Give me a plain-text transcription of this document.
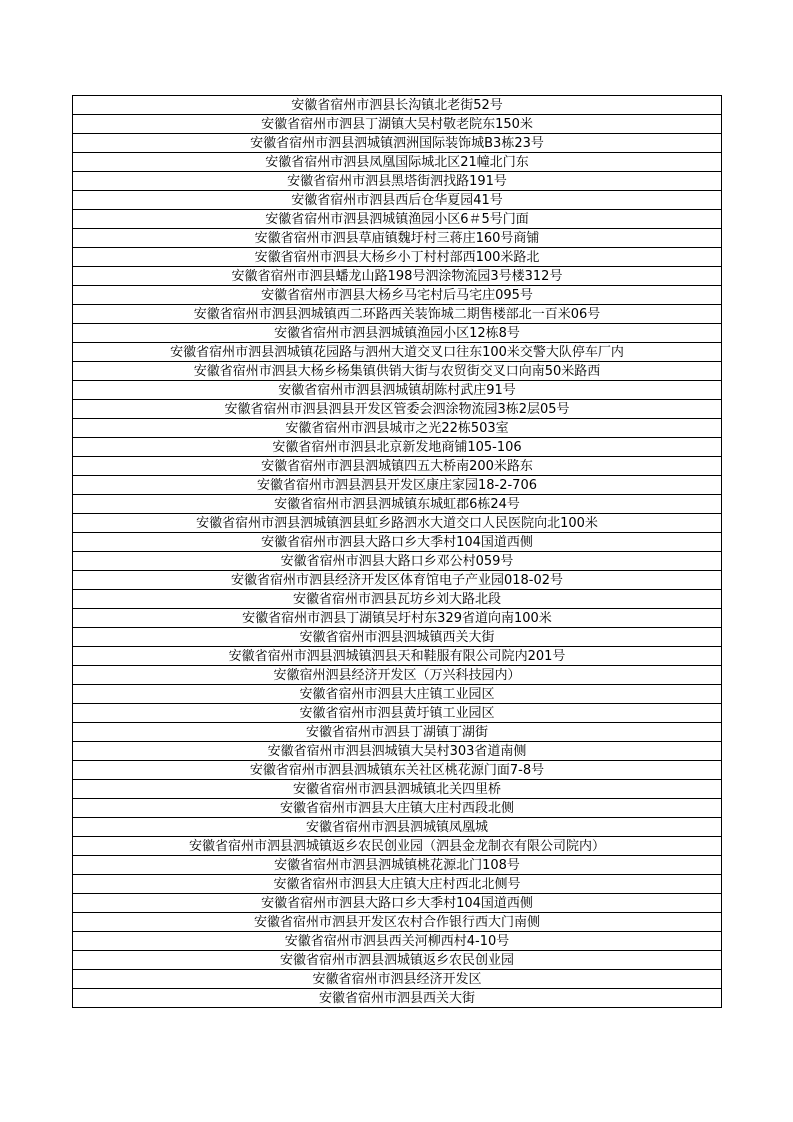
安徽省宿州市泗县长沟镇北老街52号
安徽省宿州市泗县丁湖镇大吴村敬老院东150米
安徽省宿州市泗县泗城镇泗洲国际装饰城B3栋23号
安徽省宿州市泗县凤凰国际城北区21幢北门东
安徽省宿州市泗县黑塔街泗找路191号
安徽省宿州市泗县西后仓华夏园41号
安徽省宿州市泗县泗城镇渔园小区6＃5号门面
安徽省宿州市泗县草庙镇魏圩村三蒋庄160号商铺
安徽省宿州市泗县大杨乡小丁村村部西100米路北
安徽省宿州市泗县蟠龙山路198号泗涂物流园3号楼312号
安徽省宿州市泗县大杨乡马宅村后马宅庄095号
安徽省宿州市泗县泗城镇西二环路西关装饰城二期售楼部北一百米06号
安徽省宿州市泗县泗城镇渔园小区12栋8号
安徽省宿州市泗县泗城镇花园路与泗州大道交叉口往东100米交警大队停车厂内
安徽省宿州市泗县大杨乡杨集镇供销大街与农贸街交叉口向南50米路西
安徽省宿州市泗县泗城镇胡陈村武庄91号
安徽省宿州市泗县泗县开发区管委会泗涂物流园3栋2层05号
安徽省宿州市泗县城市之光22栋503室
安徽省宿州市泗县北京新发地商铺105-106
安徽省宿州市泗县泗城镇四五大桥南200米路东
安徽省宿州市泗县泗县开发区康庄家园18-2-706
安徽省宿州市泗县泗城镇东城虹郡6栋24号
安徽省宿州市泗县泗城镇泗县虹乡路泗水大道交口人民医院向北100米
安徽省宿州市泗县大路口乡大季村104国道西侧
安徽省宿州市泗县大路口乡邓公村059号
安徽省宿州市泗县经济开发区体育馆电子产业园018-02号
安徽省宿州市泗县瓦坊乡刘大路北段
安徽省宿州市泗县丁湖镇吴圩村东329省道向南100米
安徽省宿州市泗县泗城镇西关大街
安徽省宿州市泗县泗城镇泗县天和鞋服有限公司院内201号
安徽宿州泗县经济开发区（万兴科技园内）
安徽省宿州市泗县大庄镇工业园区
安徽省宿州市泗县黄圩镇工业园区
安徽省宿州市泗县丁湖镇丁湖街
安徽省宿州市泗县泗城镇大吴村303省道南侧
安徽省宿州市泗县泗城镇东关社区桃花源门面7-8号
安徽省宿州市泗县泗城镇北关四里桥
安徽省宿州市泗县大庄镇大庄村西段北侧
安徽省宿州市泗县泗城镇凤凰城
安徽省宿州市泗县泗城镇返乡农民创业园（泗县金龙制衣有限公司院内）
安徽省宿州市泗县泗城镇桃花源北门108号
安徽省宿州市泗县大庄镇大庄村西北北侧号
安徽省宿州市泗县大路口乡大季村104国道西侧
安徽省宿州市泗县开发区农村合作银行西大门南侧
安徽省宿州市泗县西关河柳西村4-10号
安徽省宿州市泗县泗城镇返乡农民创业园
安徽省宿州市泗县经济开发区
安徽省宿州市泗县西关大街
